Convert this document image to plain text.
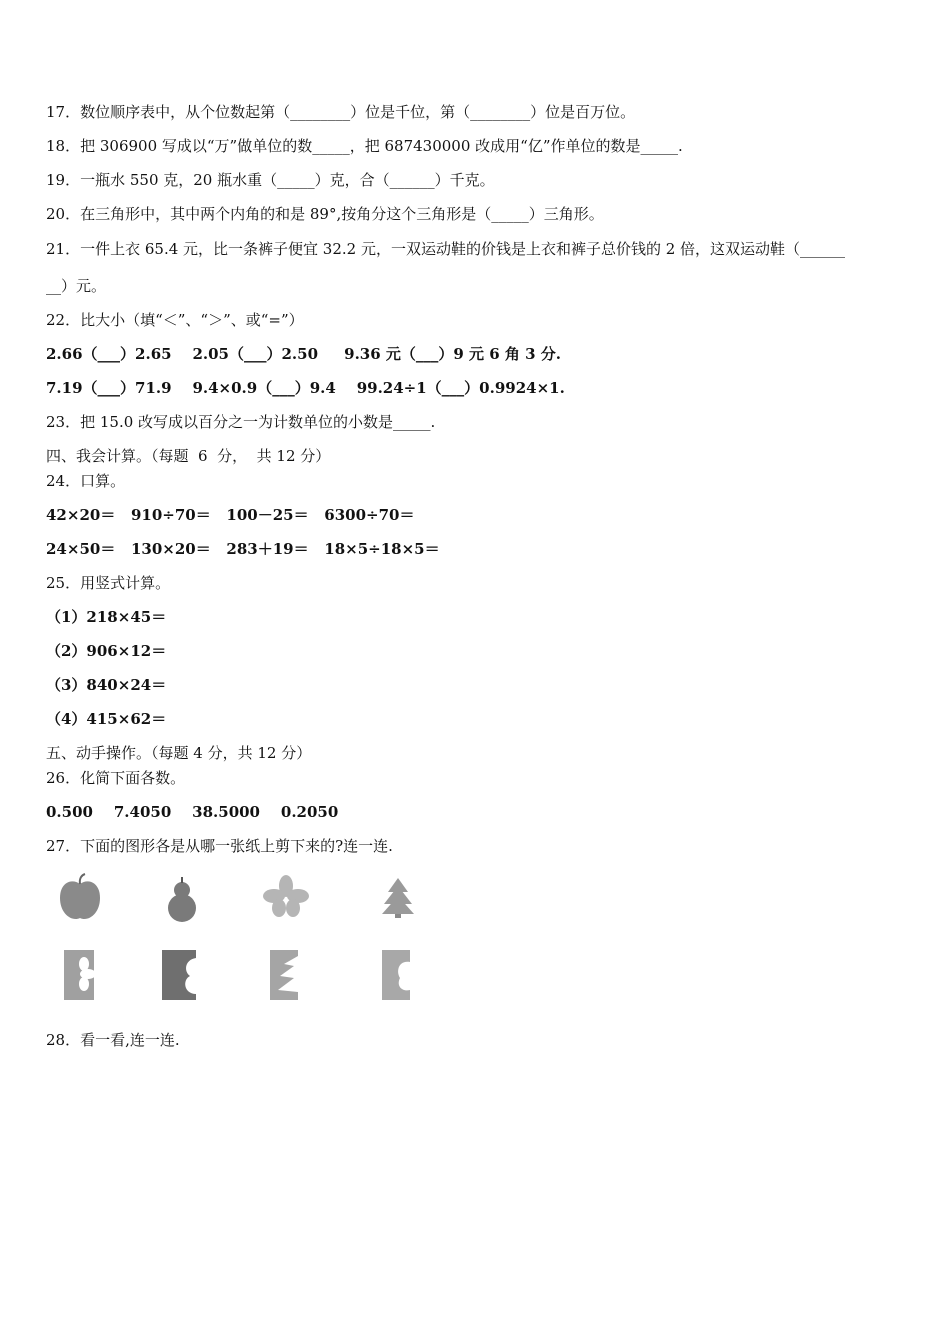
17．数位顺序表中，从个位数起第（________）位是千位，第（________）位是百万位。
18．把 306900 写成以“万”做单位的数_____，把 687430000 改成用“亿”作单位的数是_____.
19．一瓶水 550 克，20 瓶水重（_____）克，合（______）千克。
20．在三角形中，其中两个内角的和是 89°,按角分这个三角形是（_____）三角形。
21．一件上衣 65.4 元，比一条裤子便宜 32.2 元，一双运动鞋的价钱是上衣和裤子总价钱的 2 倍，这双运动鞋（______
__）元。
22．比大小（填“＜”、“＞”、或“=”）
2.66（___）2.65    2.05（___）2.50     9.36 元（___）9 元 6 角 3 分.
7.19（___）71.9    9.4×0.9（___）9.4    99.24÷1（___）0.9924×1.
23．把 15.0 改写成以百分之一为计数单位的小数是_____.
四、我会计算。（每题  6  分，  共 12 分）
24．口算。
42×20＝   910÷70＝   100－25＝   6300÷70＝
24×50＝   130×20＝   283＋19＝   18×5÷18×5＝
25．用竖式计算。
（1）218×45＝
（2）906×12＝
（3）840×24＝
（4）415×62＝
五、动手操作。（每题 4 分，共 12 分）
26．化简下面各数。
0.500    7.4050    38.5000    0.2050
27．下面的图形各是从哪一张纸上剪下来的?连一连.
28．看一看,连一连.
